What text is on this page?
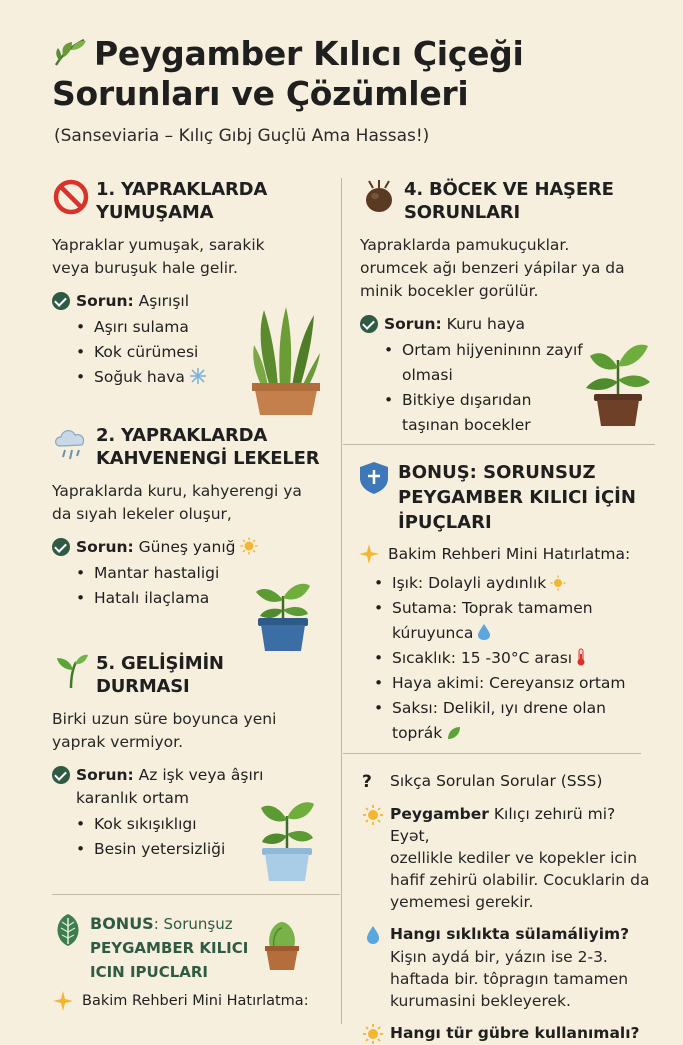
Peygamber Kılıcı Çiçeği
Sorunları ve Çözümleri
(Sanseviaria – Kılıç Gıbj Guçlü Ama Hassas!)
1. YAPRAKLARDA YUMUŞAMA
Yapraklar yumuşak, sarakik veya buruşuk hale gelir.
Sorun: Aşırışıl
• Aşırı sulama
• Kok cürümesi
• Soğuk hava
2. YAPRAKLARDA KAHVENENGİ LEKELER
Yapraklarda kuru, kahyerengi ya da sıyah lekeler oluşur,
Sorun: Güneş yanığ
• Mantar hastaligi
• Hatalı ilaçlama
5. GELİŞİMİN DURMASI
Birki uzun süre boyunca yeni yaprak vermiyor.
Sorun: Az işk veya âşırı karanlık ortam
• Kok sıkışıklıgı
• Besin yetersizliği
BONUS: Sorunşuz
PEYGAMBER KILICI
ICIN IPUCLARI
Bakim Rehberi Mini Hatırlatma:
4. BÖCEK VE HAŞERE SORUNLARI
Yapraklarda pamukuçuklar. orumcek ağı benzeri yápilar ya da minik bocekler gorülür.
Sorun: Kuru haya
• Ortam hijyeninınn zayıf olmasi
• Bitkiye dışarıdan taşınan bocekler
BONUŞ: SORUNSUZ PEYGAMBER KILICI İÇİN İPUÇLARI
Bakim Rehberi Mini Hatırlatma:
• Işık: Dolayli aydınlık
• Sutama: Toprak tamamen kúruyunca
• Sıcaklık: 15 -30°C arası
• Haya akimi: Cereyansız ortam
• Saksı: Delikil, ıyı drene olan toprák
?	Sıkça Sorulan Sorular (SSS)
Peygamber Kılıçı zehırü mi? Eyǝt,
ozellikle kediler ve kopekler icin hafif zehirü olabilir. Cocuklarin da yememesi gerekir.
Hangı sıklıkta sülamáliyim?
Kişın aydá bir, yázın ise 2-3. haftada bir. tôpragın tamamen kurumasini bekleyerek.
Hangı tür gübre kullanımalı?
